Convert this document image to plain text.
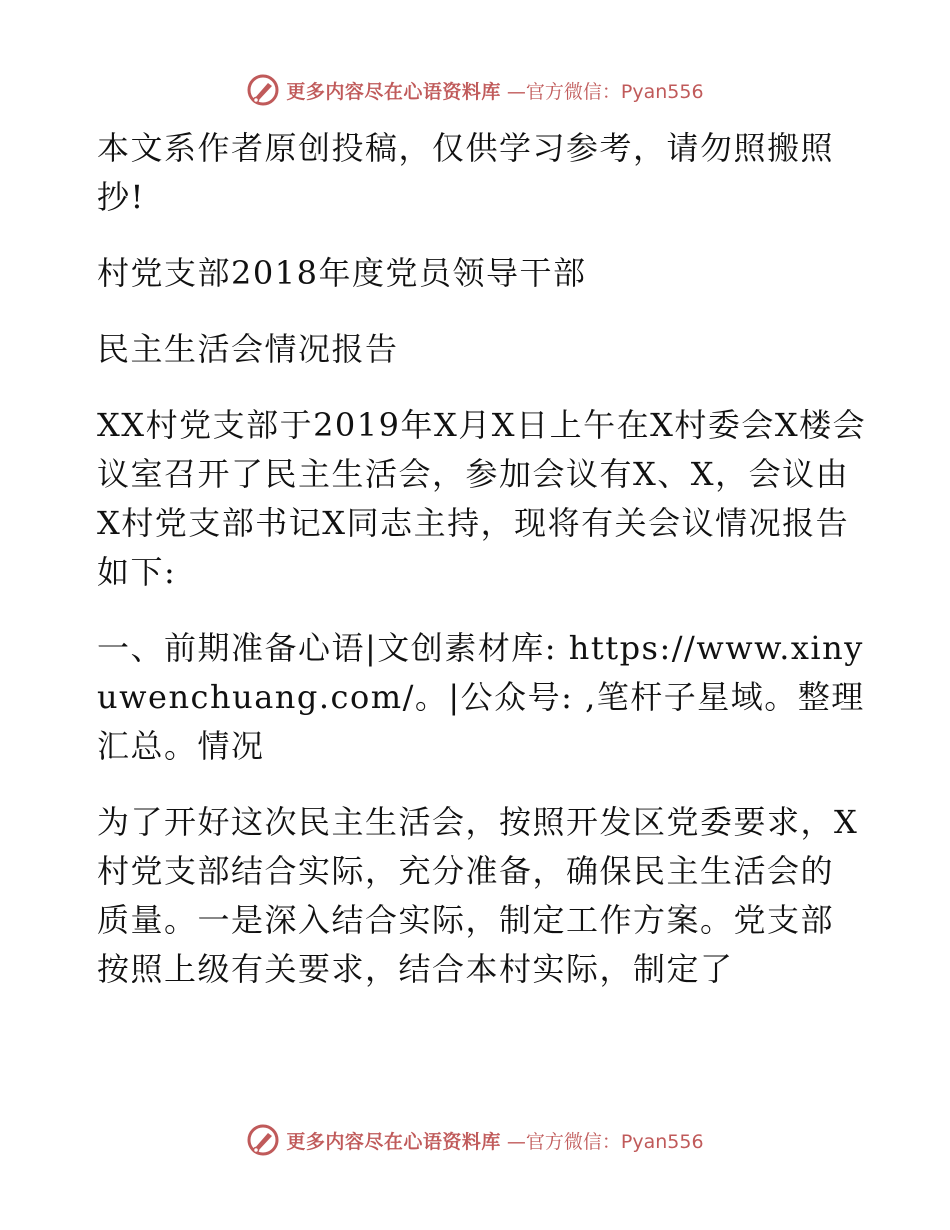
更多内容尽在心语资料库 —官方微信：Pyan556

本文系作者原创投稿，仅供学习参考，请勿照搬照抄!

村党支部2018年度党员领导干部

民主生活会情况报告

XX村党支部于2019年X月X日上午在X村委会X楼会议室召开了民主生活会，参加会议有X、X，会议由X村党支部书记X同志主持，现将有关会议情况报告如下:

一、前期准备心语|文创素材库: https://www.xinyuwenchuang.com/。|公众号: ,笔杆子星域。整理汇总。情况

为了开好这次民主生活会，按照开发区党委要求，X村党支部结合实际，充分准备，确保民主生活会的质量。一是深入结合实际，制定工作方案。党支部按照上级有关要求，结合本村实际，制定了

更多内容尽在心语资料库 —官方微信：Pyan556
